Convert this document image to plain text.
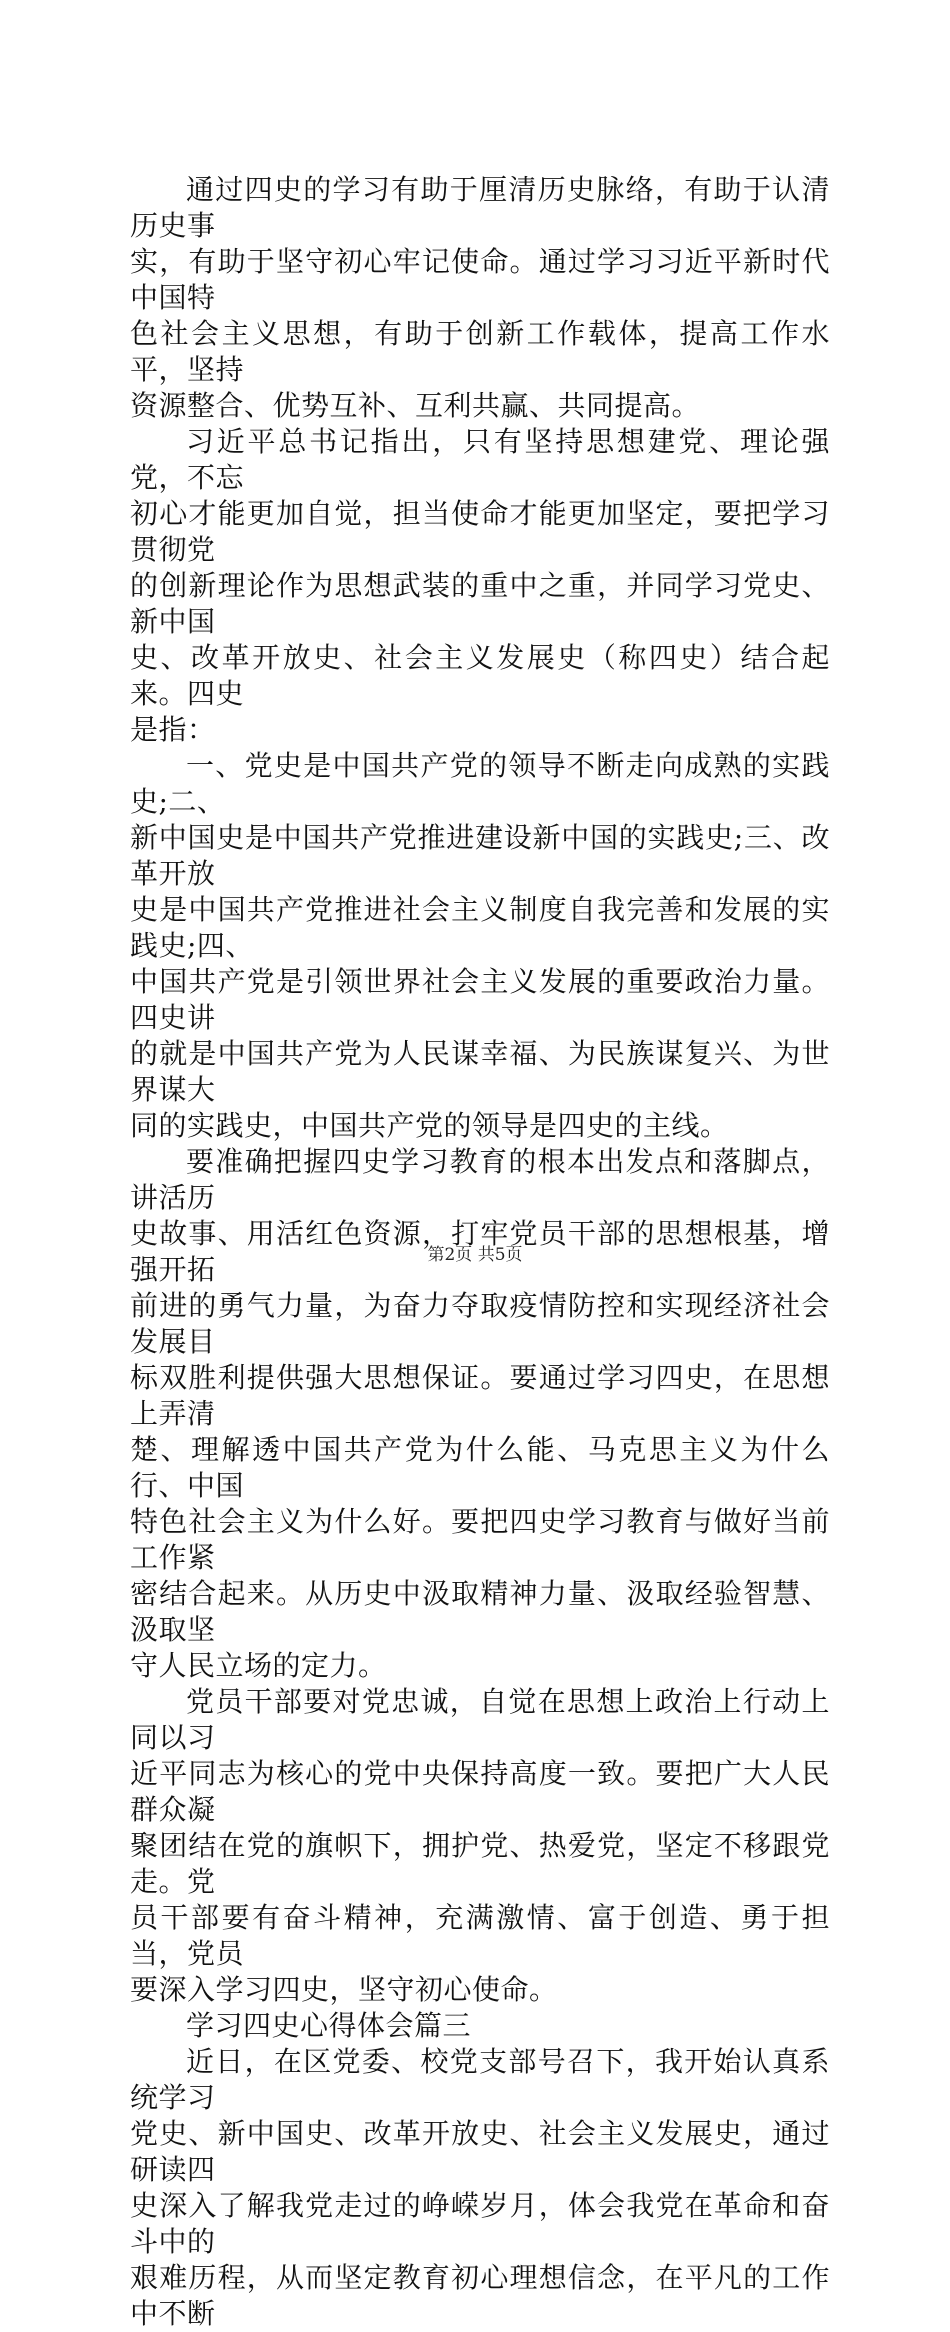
通过四史的学习有助于厘清历史脉络，有助于认清历史事
实，有助于坚守初心牢记使命。通过学习习近平新时代中国特
色社会主义思想，有助于创新工作载体，提高工作水平，坚持
资源整合、优势互补、互利共赢、共同提高。

习近平总书记指出，只有坚持思想建党、理论强党，不忘
初心才能更加自觉，担当使命才能更加坚定，要把学习贯彻党
的创新理论作为思想武装的重中之重，并同学习党史、新中国
史、改革开放史、社会主义发展史（称四史）结合起来。四史
是指：

一、党史是中国共产党的领导不断走向成熟的实践史;二、
新中国史是中国共产党推进建设新中国的实践史;三、改革开放
史是中国共产党推进社会主义制度自我完善和发展的实践史;四、
中国共产党是引领世界社会主义发展的重要政治力量。四史讲
的就是中国共产党为人民谋幸福、为民族谋复兴、为世界谋大
同的实践史，中国共产党的领导是四史的主线。

要准确把握四史学习教育的根本出发点和落脚点，讲活历
史故事、用活红色资源，打牢党员干部的思想根基，增强开拓
前进的勇气力量，为奋力夺取疫情防控和实现经济社会发展目
标双胜利提供强大思想保证。要通过学习四史，在思想上弄清
楚、理解透中国共产党为什么能、马克思主义为什么行、中国
特色社会主义为什么好。要把四史学习教育与做好当前工作紧
密结合起来。从历史中汲取精神力量、汲取经验智慧、汲取坚
守人民立场的定力。

党员干部要对党忠诚，自觉在思想上政治上行动上同以习
近平同志为核心的党中央保持高度一致。要把广大人民群众凝
聚团结在党的旗帜下，拥护党、热爱党，坚定不移跟党走。党
员干部要有奋斗精神，充满激情、富于创造、勇于担当，党员
要深入学习四史，坚守初心使命。

学习四史心得体会篇三

近日，在区党委、校党支部号召下，我开始认真系统学习
党史、新中国史、改革开放史、社会主义发展史，通过研读四
史深入了解我党走过的峥嵘岁月，体会我党在革命和奋斗中的
艰难历程，从而坚定教育初心理想信念，在平凡的工作中不断

第2页 共5页
